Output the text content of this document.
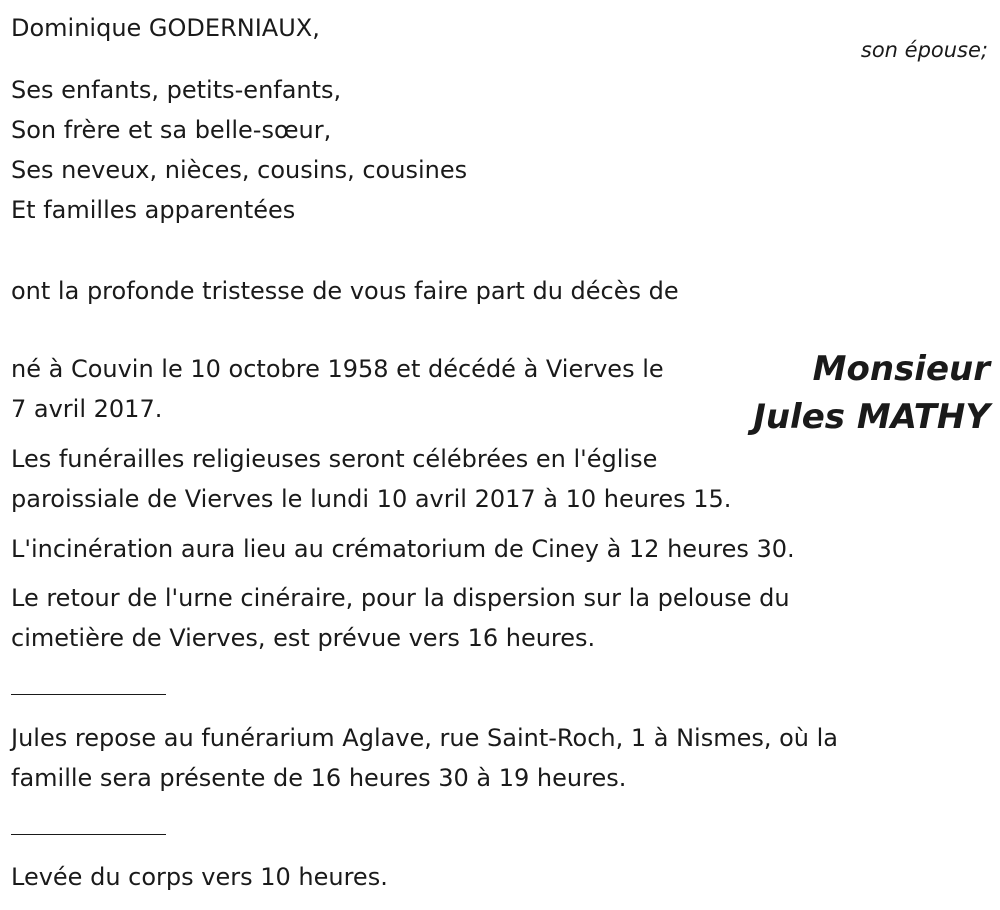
Dominique GODERNIAUX,
son épouse;
Ses enfants, petits-enfants,
Son frère et sa belle-sœur,
Ses neveux, nièces, cousins, cousines
Et familles apparentées
ont la profonde tristesse de vous faire part du décès de
Monsieur
Jules MATHY
né à Couvin le 10 octobre 1958 et décédé à Vierves le
7 avril 2017.
Les funérailles religieuses seront célébrées en l'église
paroissiale de Vierves le lundi 10 avril 2017 à 10 heures 15.
L'incinération aura lieu au crématorium de Ciney à 12 heures 30.
Le retour de l'urne cinéraire, pour la dispersion sur la pelouse du
cimetière de Vierves, est prévue vers 16 heures.
Jules repose au funérarium Aglave, rue Saint-Roch, 1 à Nismes, où la
famille sera présente de 16 heures 30 à 19 heures.
Levée du corps vers 10 heures.
